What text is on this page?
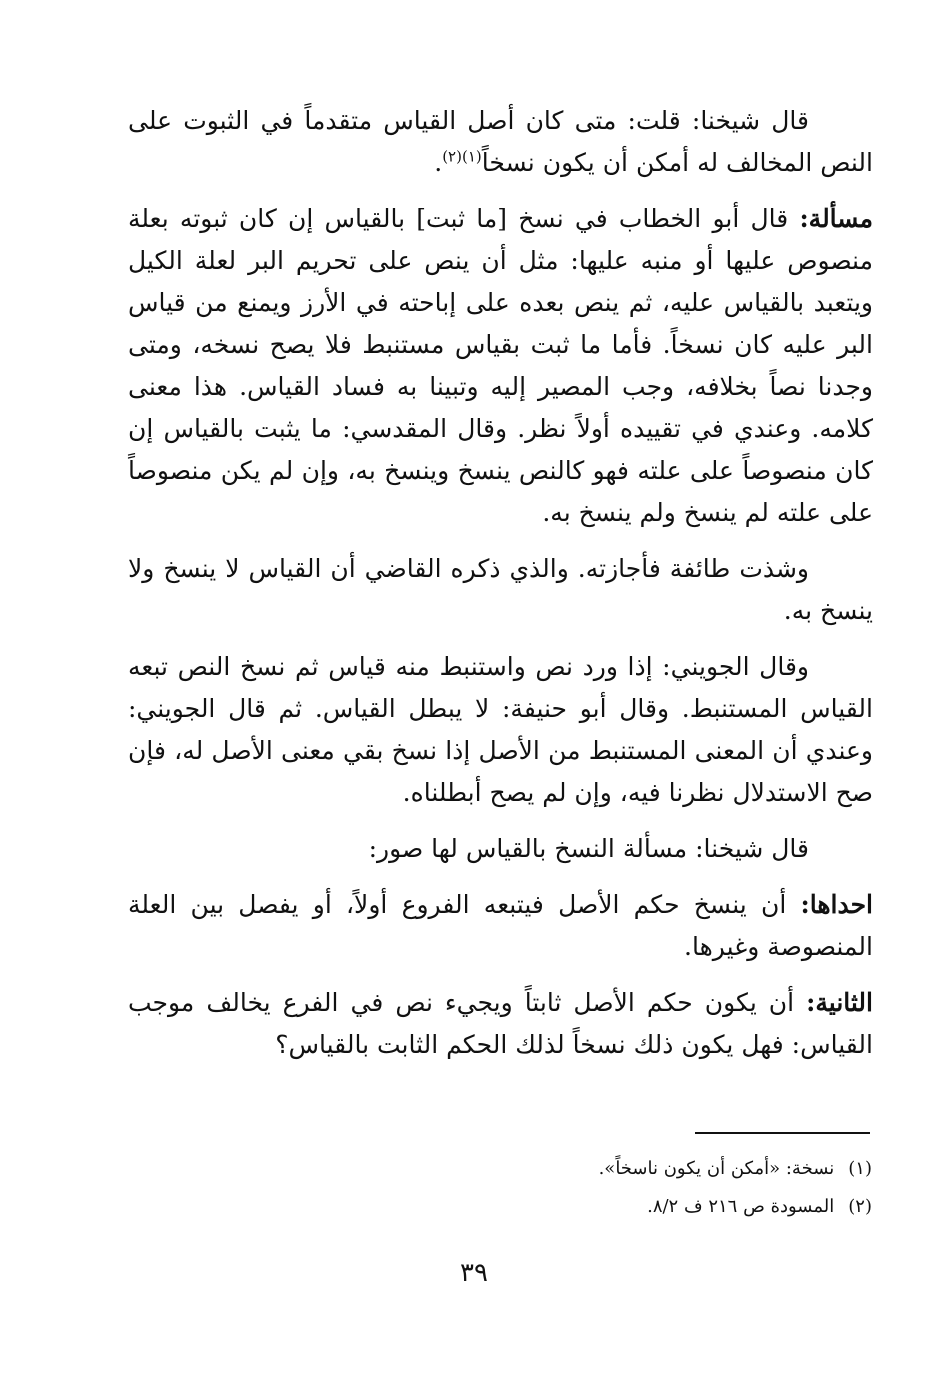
قال شيخنا: قلت: متى كان أصل القياس متقدماً في الثبوت على النص المخالف له أمكن أن يكون نسخاً$^{(١)(٢)}$.

مسألة: قال أبو الخطاب في نسخ [ما ثبت] بالقياس إن كان ثبوته بعلة منصوص عليها أو منبه عليها: مثل أن ينص على تحريم البر لعلة الكيل ويتعبد بالقياس عليه، ثم ينص بعده على إباحته في الأرز ويمنع من قياس البر عليه كان نسخاً. فأما ما ثبت بقياس مستنبط فلا يصح نسخه، ومتى وجدنا نصاً بخلافه، وجب المصير إليه وتبينا به فساد القياس. هذا معنى كلامه. وعندي في تقييده أولاً نظر. وقال المقدسي: ما يثبت بالقياس إن كان منصوصاً على علته فهو كالنص ينسخ وينسخ به، وإن لم يكن منصوصاً على علته لم ينسخ ولم ينسخ به.

وشذت طائفة فأجازته. والذي ذكره القاضي أن القياس لا ينسخ ولا ينسخ به.

وقال الجويني: إذا ورد نص واستنبط منه قياس ثم نسخ النص تبعه القياس المستنبط. وقال أبو حنيفة: لا يبطل القياس. ثم قال الجويني: وعندي أن المعنى المستنبط من الأصل إذا نسخ بقي معنى الأصل له، فإن صح الاستدلال نظرنا فيه، وإن لم يصح أبطلناه.

قال شيخنا: مسألة النسخ بالقياس لها صور:

احداها: أن ينسخ حكم الأصل فيتبعه الفروع أولاً، أو يفصل بين العلة المنصوصة وغيرها.

الثانية: أن يكون حكم الأصل ثابتاً ويجيء نص في الفرع يخالف موجب القياس: فهل يكون ذلك نسخاً لذلك الحكم الثابت بالقياس؟

(١)نسخة: «أمكن أن يكون ناسخاً».

(٢)المسودة ص ٢١٦ ف ٨/٢.

٣٩
